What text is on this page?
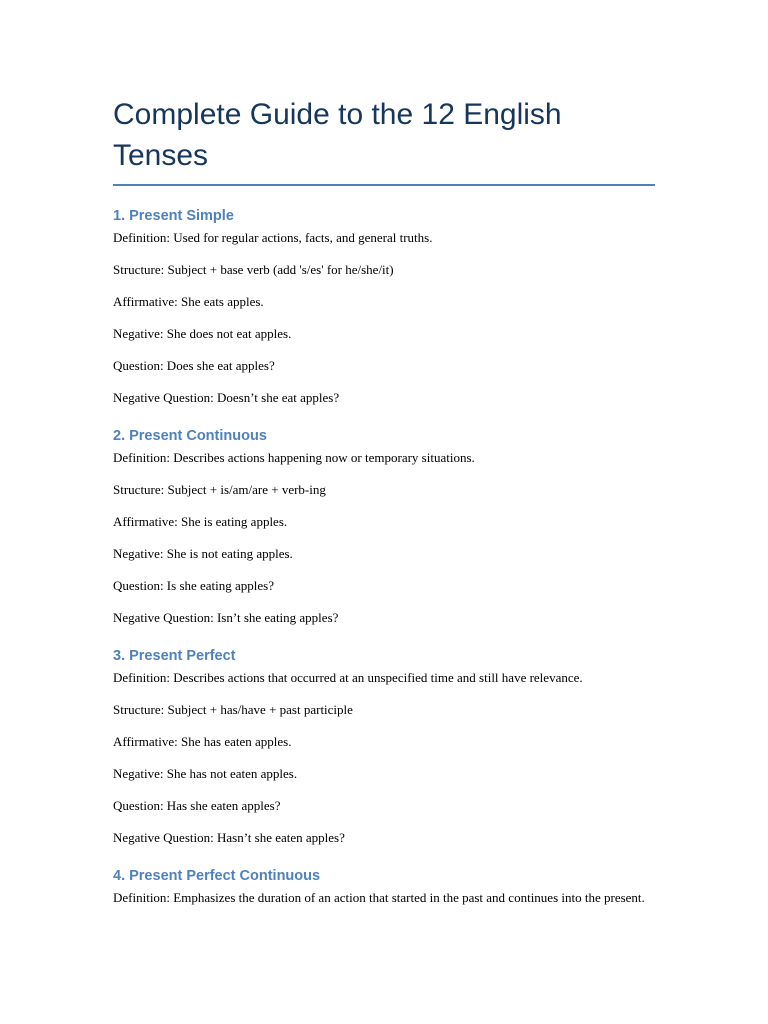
Complete Guide to the 12 English Tenses
1. Present Simple

Definition: Used for regular actions, facts, and general truths.

Structure: Subject + base verb (add 's/es' for he/she/it)

Affirmative: She eats apples.

Negative: She does not eat apples.

Question: Does she eat apples?

Negative Question: Doesn’t she eat apples?

2. Present Continuous

Definition: Describes actions happening now or temporary situations.

Structure: Subject + is/am/are + verb-ing

Affirmative: She is eating apples.

Negative: She is not eating apples.

Question: Is she eating apples?

Negative Question: Isn’t she eating apples?

3. Present Perfect

Definition: Describes actions that occurred at an unspecified time and still have relevance.

Structure: Subject + has/have + past participle

Affirmative: She has eaten apples.

Negative: She has not eaten apples.

Question: Has she eaten apples?

Negative Question: Hasn’t she eaten apples?

4. Present Perfect Continuous

Definition: Emphasizes the duration of an action that started in the past and continues into the present.
